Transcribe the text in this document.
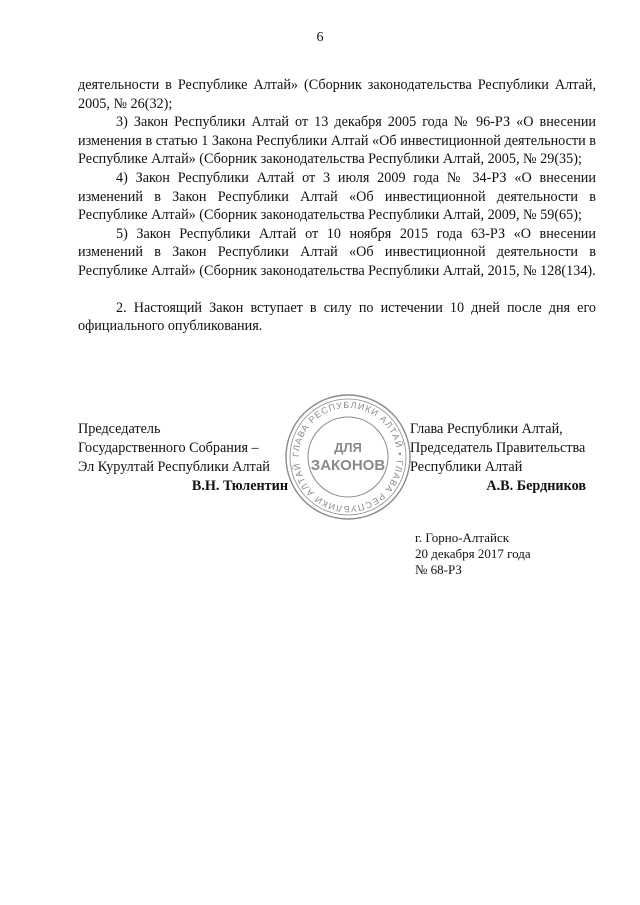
6

деятельности в Республике Алтай» (Сборник законодательства Республики Алтай, 2005, № 26(32);

3) Закон Республики Алтай от 13 декабря 2005 года № 96-РЗ «О внесении изменения в статью 1 Закона Республики Алтай «Об инвестиционной деятельности в Республике Алтай» (Сборник законодательства Республики Алтай, 2005, № 29(35);

4) Закон Республики Алтай от 3 июля 2009 года № 34-РЗ «О внесении изменений в Закон Республики Алтай «Об инвестиционной деятельности в Республике Алтай» (Сборник законодательства Республики Алтай, 2009, № 59(65);

5) Закон Республики Алтай от 10 ноября 2015 года 63-РЗ «О внесении изменений в Закон Республики Алтай «Об инвестиционной деятельности в Республике Алтай» (Сборник законодательства Республики Алтай, 2015, № 128(134).

2. Настоящий Закон вступает в силу по истечении 10 дней после дня его официального опубликования.

Председатель
Государственного Собрания –
Эл Курултай Республики Алтай
В.Н. Тюлентин
ГЛАВА РЕСПУБЛИКИ АЛТАЙ • ГЛАВА РЕСПУБЛИКИ АЛТАЙ
ДЛЯ
ЗАКОНОВ
Глава Республики Алтай,
Председатель Правительства
Республики Алтай
А.В. Бердников
г. Горно-Алтайск
20 декабря 2017 года
№ 68-РЗ
